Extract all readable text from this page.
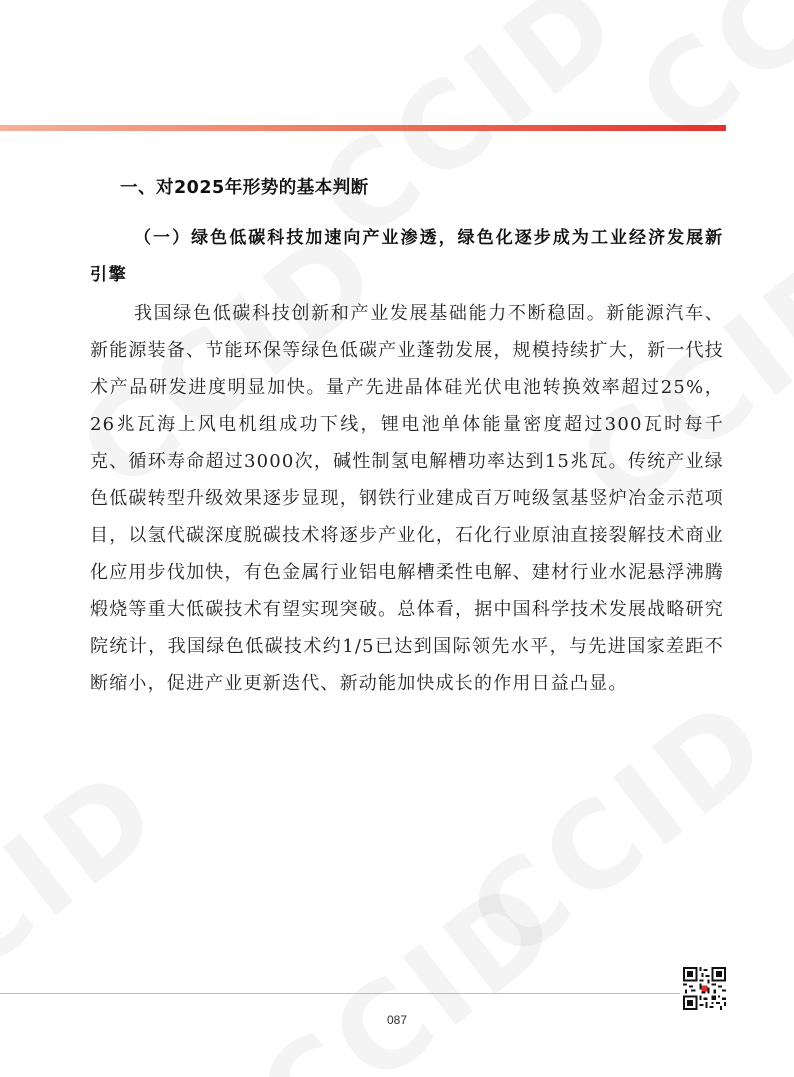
一、对2025年形势的基本判断
（一）绿色低碳科技加速向产业渗透，绿色化逐步成为工业经济发展新引擎
我国绿色低碳科技创新和产业发展基础能力不断稳固。新能源汽车、新能源装备、节能环保等绿色低碳产业蓬勃发展，规模持续扩大，新一代技术产品研发进度明显加快。量产先进晶体硅光伏电池转换效率超过25%，26兆瓦海上风电机组成功下线，锂电池单体能量密度超过300瓦时每千克、循环寿命超过3000次，碱性制氢电解槽功率达到15兆瓦。传统产业绿色低碳转型升级效果逐步显现，钢铁行业建成百万吨级氢基竖炉冶金示范项目，以氢代碳深度脱碳技术将逐步产业化，石化行业原油直接裂解技术商业化应用步伐加快，有色金属行业铝电解槽柔性电解、建材行业水泥悬浮沸腾煅烧等重大低碳技术有望实现突破。总体看，据中国科学技术发展战略研究院统计，我国绿色低碳技术约1/5已达到国际领先水平，与先进国家差距不断缩小，促进产业更新迭代、新动能加快成长的作用日益凸显。
087
